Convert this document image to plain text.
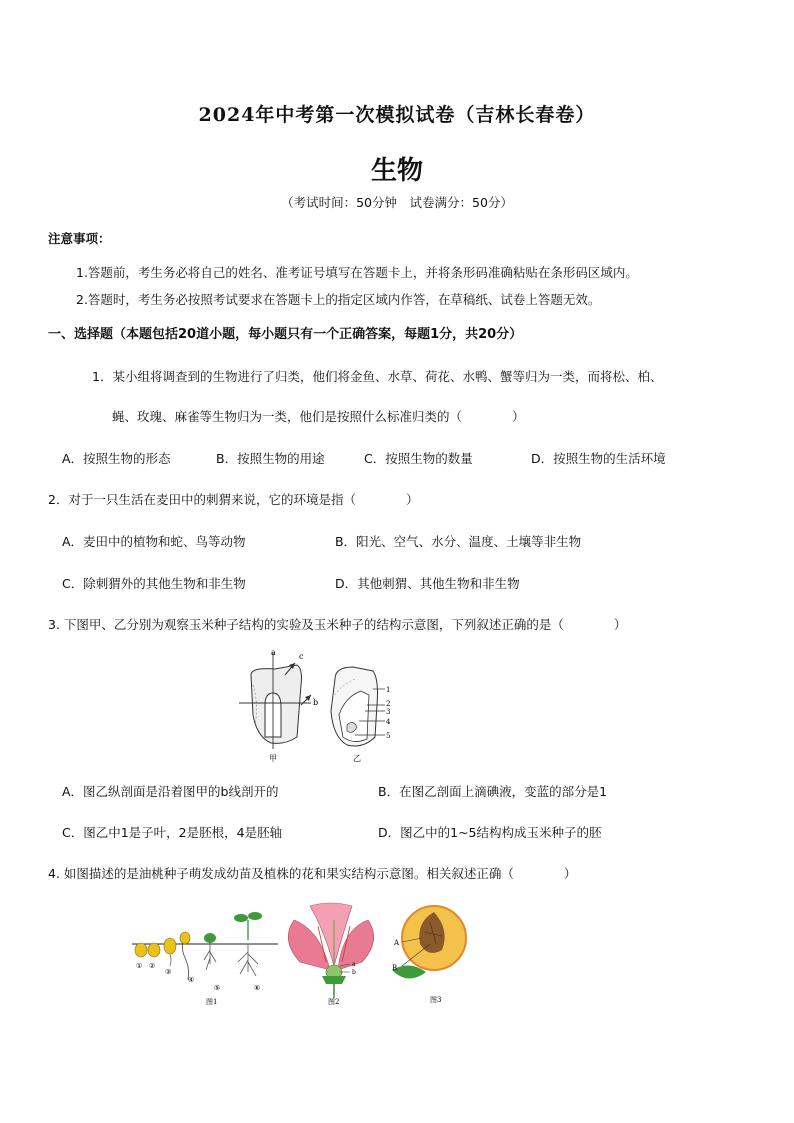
2024年中考第一次模拟试卷（吉林长春卷）
生物
（考试时间：50分钟　试卷满分：50分）
注意事项：
1.答题前，考生务必将自己的姓名、准考证号填写在答题卡上，并将条形码准确粘贴在条形码区域内。
2.答题时，考生务必按照考试要求在答题卡上的指定区域内作答，在草稿纸、试卷上答题无效。
一、选择题（本题包括20道小题，每小题只有一个正确答案，每题1分，共20分）
1．某小组将调查到的生物进行了归类，他们将金鱼、水草、荷花、水鸭、蟹等归为一类，而将松、柏、
蝇、玫瑰、麻雀等生物归为一类，他们是按照什么标准归类的（　　　　）
A．按照生物的形态	B．按照生物的用途	C．按照生物的数量	D．按照生物的生活环境
2．对于一只生活在麦田中的刺猬来说，它的环境是指（　　　　）
A．麦田中的植物和蛇、鸟等动物	B．阳光、空气、水分、温度、土壤等非生物
C．除刺猬外的其他生物和非生物	D．其他刺猬、其他生物和非生物
3. 下图甲、乙分别为观察玉米种子结构的实验及玉米种子的结构示意图，下列叙述正确的是（　　　　）
a	c
b
甲
1
2
3
4
5
乙
A．图乙纵剖面是沿着图甲的b线剖开的	B．在图乙剖面上滴碘液，变蓝的部分是1
C．图乙中1是子叶，2是胚根，4是胚轴	D．图乙中的1~5结构构成玉米种子的胚
4. 如图描述的是油桃种子萌发成幼苗及植株的花和果实结构示意图。相关叙述正确（　　　　）
① ②
③
④
⑤	⑥
图1
a
b
图2
A
B
图3
